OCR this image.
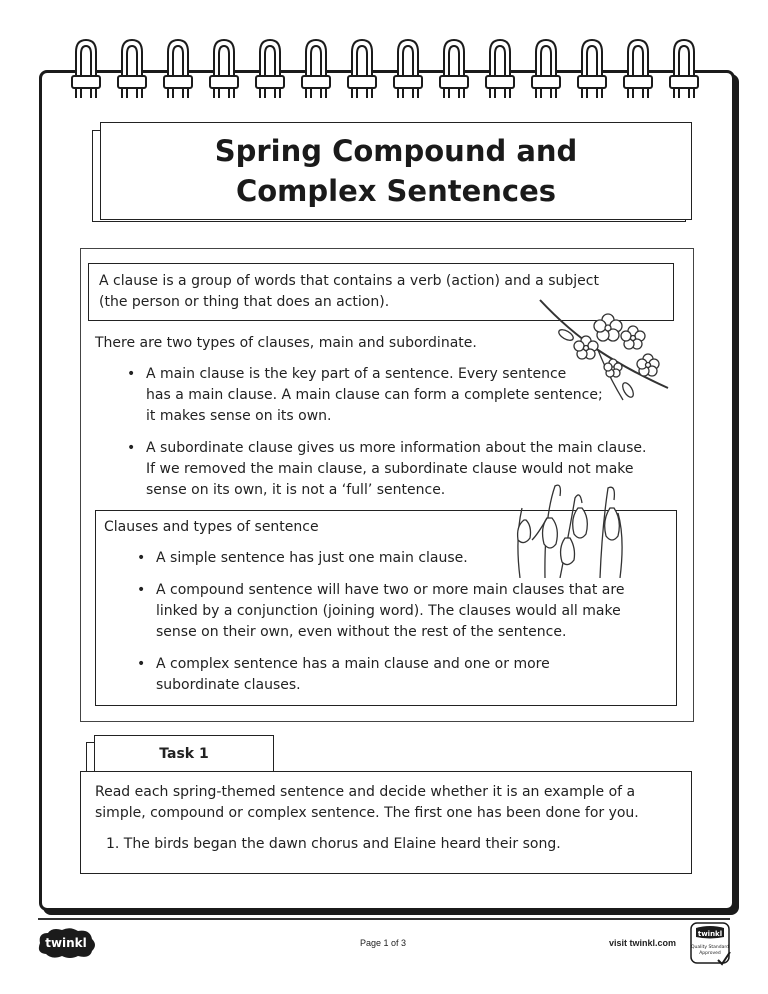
Spring Compound and
Complex Sentences
A clause is a group of words that contains a verb (action) and a subject
(the person or thing that does an action).
There are two types of clauses, main and subordinate.
• A main clause is the key part of a sentence. Every sentence
has a main clause. A main clause can form a complete sentence;
it makes sense on its own.
• A subordinate clause gives us more information about the main clause.
If we removed the main clause, a subordinate clause would not make
sense on its own, it is not a ‘full’ sentence.
Clauses and types of sentence
• A simple sentence has just one main clause.
• A compound sentence will have two or more main clauses that are
linked by a conjunction (joining word). The clauses would all make
sense on their own, even without the rest of the sentence.
• A complex sentence has a main clause and one or more
subordinate clauses.
Task 1
Read each spring-themed sentence and decide whether it is an example of a
simple, compound or complex sentence. The first one has been done for you.
1. The birds began the dawn chorus and Elaine heard their song.
twinkl	Page 1 of 3	visit twinkl.com
twinkl
Quality Standard
Approved
